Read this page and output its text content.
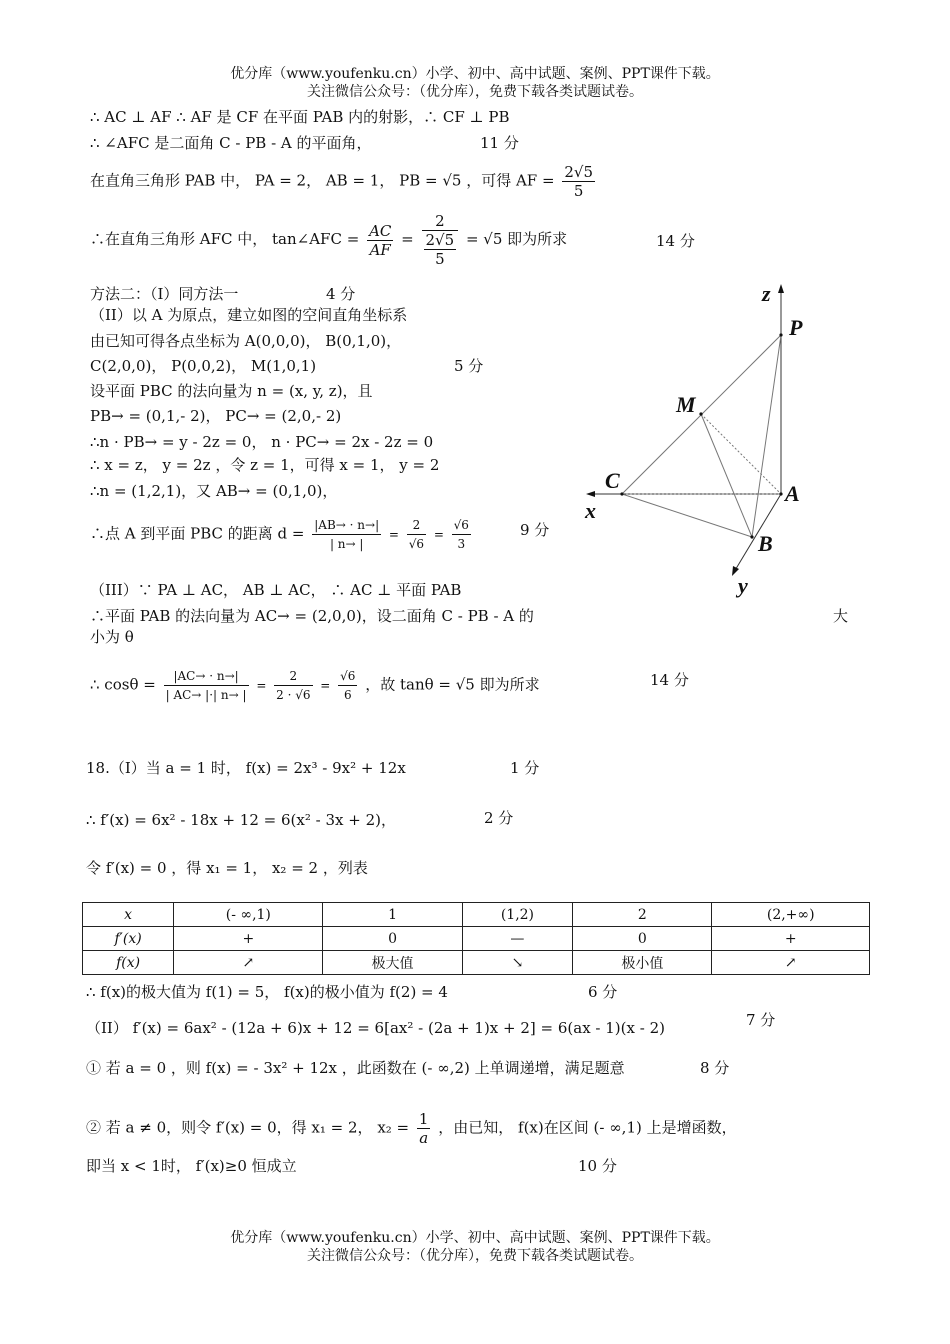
优分库（www.youfenku.cn）小学、初中、高中试题、案例、PPT课件下载。
关注微信公众号：（优分库），免费下载各类试题试卷。
∴ AC ⊥ AF ∴ AF 是 CF 在平面 PAB 内的射影，∴ CF ⊥ PB
∴ ∠AFC 是二面角 C - PB - A 的平面角，	11 分
在直角三角形 PAB 中， PA = 2， AB = 1， PB = √5 ，可得 AF = $\frac{2√5}{5}$
∴在直角三角形 AFC 中， tan∠AFC = $\frac{AC}{AF} = \frac{2}{\frac{2√5}{5}} = √5$ 即为所求	14 分
方法二：（I）同方法一	4 分
（II）以 A 为原点，建立如图的空间直角坐标系
由已知可得各点坐标为 A(0,0,0)， B(0,1,0)，
C(2,0,0)， P(0,0,2)， M(1,0,1)	5 分
设平面 PBC 的法向量为 n = (x, y, z)，且
PB→ = (0,1,- 2)， PC→ = (2,0,- 2)
∴n · PB→ = y - 2z = 0， n · PC→ = 2x - 2z = 0
∴ x = z， y = 2z ，令 z = 1，可得 x = 1， y = 2
∴n = (1,2,1)，又 AB→ = (0,1,0)，
∴点 A 到平面 PBC 的距离 $d = \frac{|AB\to \cdot n\to|}{| n\to |} = \frac{2}{√6} = \frac{√6}{3}$	9 分
（III）∵ PA ⊥ AC， AB ⊥ AC， ∴ AC ⊥ 平面 PAB
∴平面 PAB 的法向量为 AC→ = (2,0,0)，设二面角 C - PB - A 的	大
小为 θ
∴ $\cos\theta = \frac{|AC\to \cdot n\to|}{| AC\to |\cdot| n\to |} = \frac{2}{2 \cdot √6} = \frac{√6}{6}$ ，故 tanθ = √5 即为所求	14 分
z
P
M
C
A
x
B
y
18.（I）当 a = 1 时， f(x) = 2x³ - 9x² + 12x	1 分
∴ f′(x) = 6x² - 18x + 12 = 6(x² - 3x + 2)，	2 分
令 f′(x) = 0 ，得 x₁ = 1， x₂ = 2 ，列表
x	(- ∞,1)	1	(1,2)	2	(2,+∞)
f′(x)	+	0	—	0	+
f(x)	↗	极大值	↘	极小值	↗
∴ f(x)的极大值为 f(1) = 5， f(x)的极小值为 f(2) = 4	6 分
（II） f′(x) = 6ax² - (12a + 6)x + 12 = 6[ax² - (2a + 1)x + 2] = 6(ax - 1)(x - 2)	7 分
① 若 a = 0 ，则 f(x) = - 3x² + 12x ，此函数在 (- ∞,2) 上单调递增，满足题意	8 分
② 若 a ≠ 0，则令 f′(x) = 0，得 x₁ = 2， $x_2 = \frac{1}{a}$ ，由已知， f(x)在区间 (- ∞,1) 上是增函数，
即当 x < 1时， f′(x)≥0 恒成立	10 分
优分库（www.youfenku.cn）小学、初中、高中试题、案例、PPT课件下载。
关注微信公众号：（优分库），免费下载各类试题试卷。
